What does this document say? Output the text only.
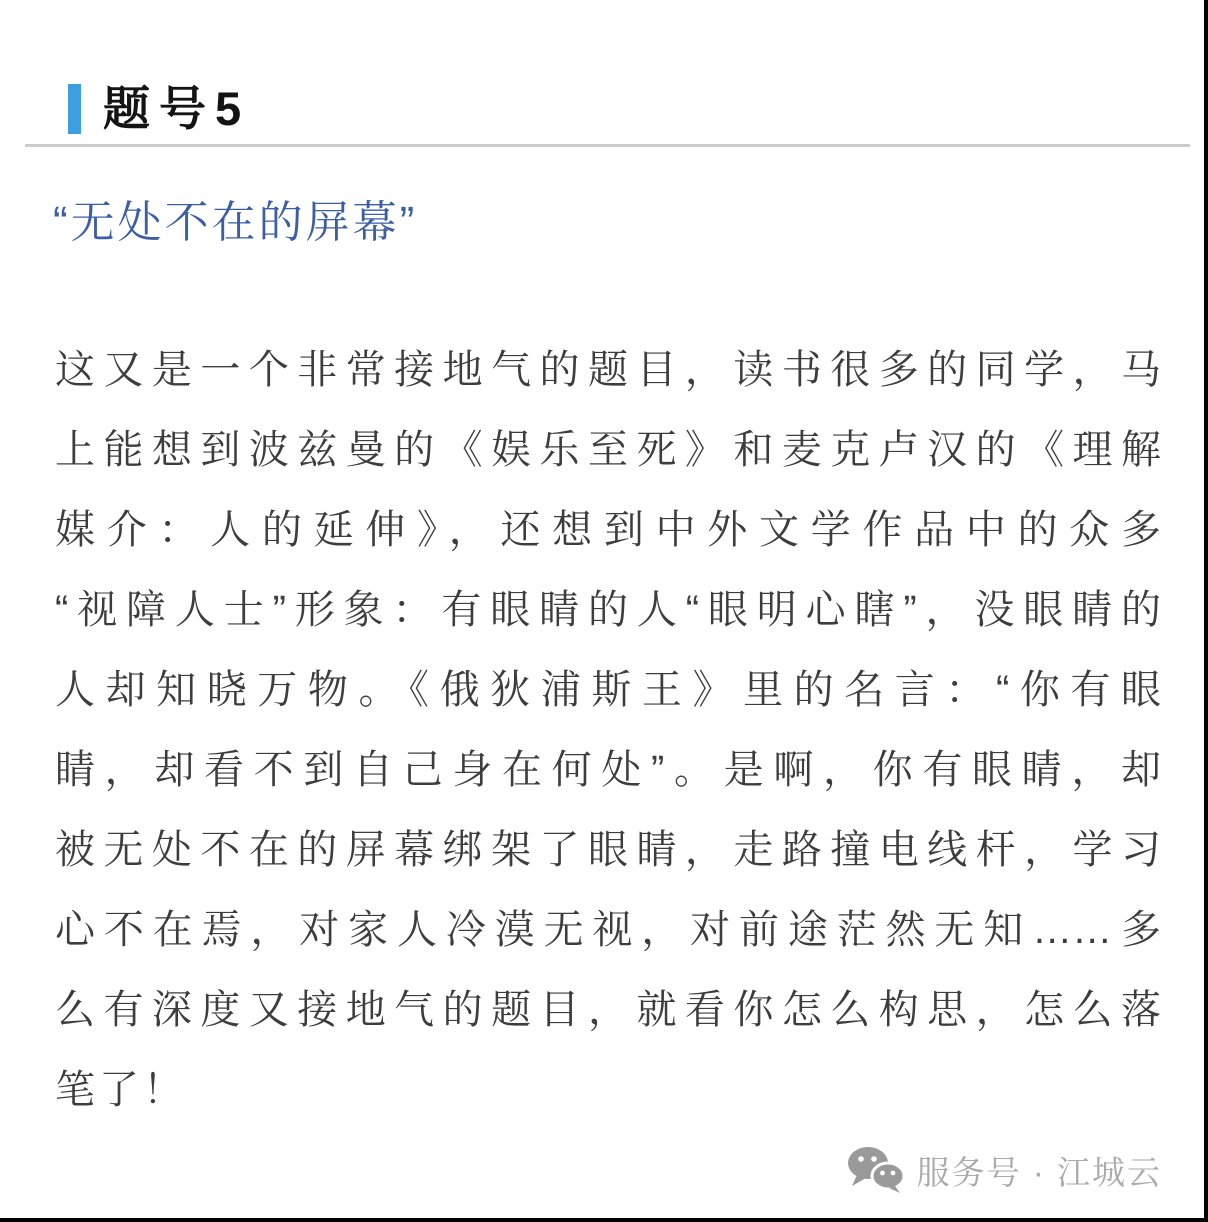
题号5
“无处不在的屏幕”
这又是一个非常接地气的题目，读书很多的同学，马
上能想到波兹曼的《娱乐至死》和麦克卢汉的《理解
媒介：人的延伸》，还想到中外文学作品中的众多
“视障人士”形象：有眼睛的人“眼明心瞎”，没眼睛的
人却知晓万物。《俄狄浦斯王》里的名言：“你有眼
睛，却看不到自己身在何处”。是啊，你有眼睛，却
被无处不在的屏幕绑架了眼睛，走路撞电线杆，学习
心不在焉，对家人冷漠无视，对前途茫然无知……多
么有深度又接地气的题目，就看你怎么构思，怎么落
笔了！
服务号 · 江城云
